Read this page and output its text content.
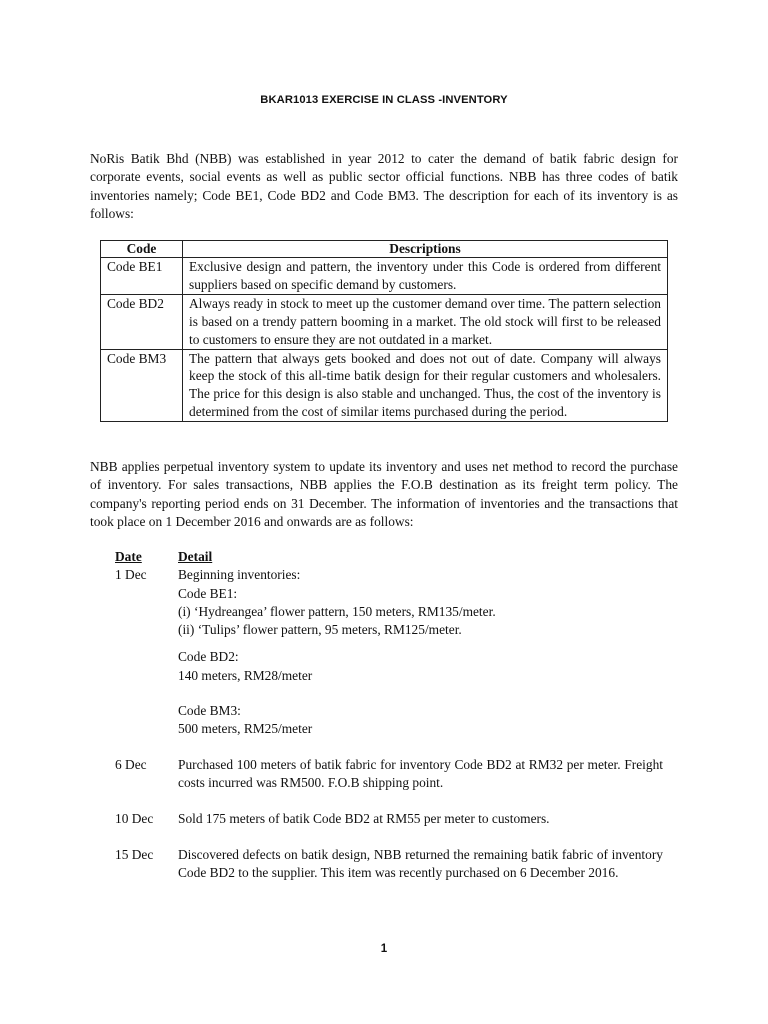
BKAR1013 EXERCISE IN CLASS -INVENTORY
NoRis Batik Bhd (NBB) was established in year 2012 to cater the demand of batik fabric design for corporate events, social events as well as public sector official functions. NBB has three codes of batik inventories namely; Code BE1, Code BD2 and Code BM3. The description for each of its inventory is as follows:
Code	Descriptions
Code BE1	Exclusive design and pattern, the inventory under this Code is ordered from different suppliers based on specific demand by customers.
Code BD2	Always ready in stock to meet up the customer demand over time. The pattern selection is based on a trendy pattern booming in a market. The old stock will first to be released to customers to ensure they are not outdated in a market.
Code BM3	The pattern that always gets booked and does not out of date. Company will always keep the stock of this all-time batik design for their regular customers and wholesalers. The price for this design is also stable and unchanged. Thus, the cost of the inventory is determined from the cost of similar items purchased during the period.
NBB applies perpetual inventory system to update its inventory and uses net method to record the purchase of inventory. For sales transactions, NBB applies the F.O.B destination as its freight term policy. The company's reporting period ends on 31 December. The information of inventories and the transactions that took place on 1 December 2016 and onwards are as follows:
Date	Detail
1 Dec	Beginning inventories:
Code BE1:
(i) ‘Hydreangea’ flower pattern, 150 meters, RM135/meter.
(ii) ‘Tulips’ flower pattern, 95 meters, RM125/meter.
Code BD2:
140 meters, RM28/meter
Code BM3:
500 meters, RM25/meter
6 Dec	Purchased 100 meters of batik fabric for inventory Code BD2 at RM32 per meter. Freight costs incurred was RM500. F.O.B shipping point.
10 Dec	Sold 175 meters of batik Code BD2 at RM55 per meter to customers.
15 Dec	Discovered defects on batik design, NBB returned the remaining batik fabric of inventory Code BD2 to the supplier. This item was recently purchased on 6 December 2016.
1
